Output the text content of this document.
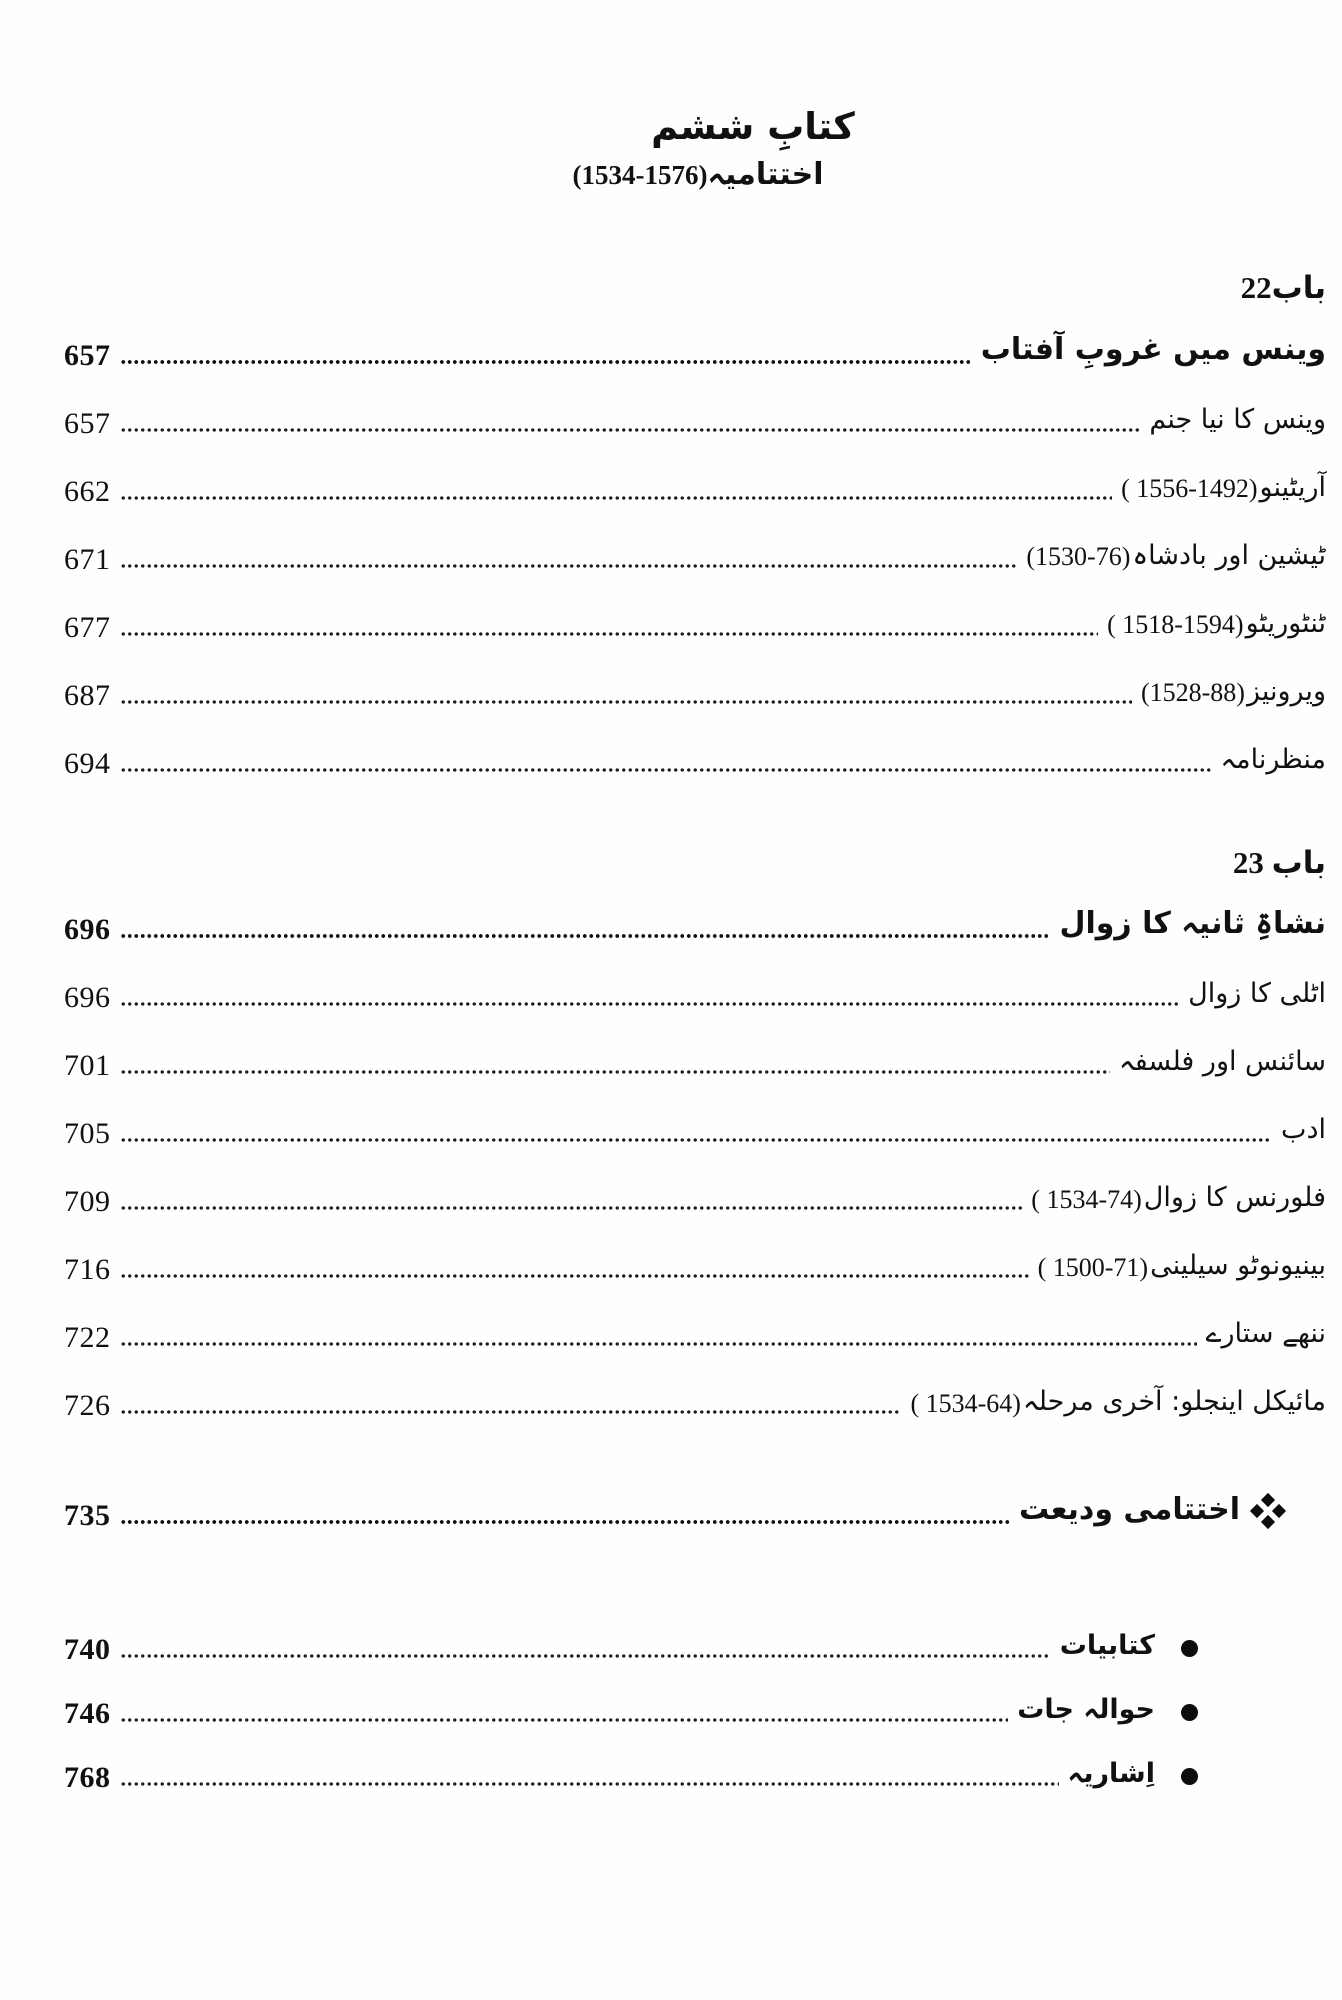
کتابِ ششم
اختتامیہ(1534-1576)
باب22
وینس میں غروبِ آفتاب
657
وینس کا نیا جنم
657
آریٹینو
( 1556-1492)
662
ٹیشین اور بادشاہ
(1530-76)
671
ٹنٹوریٹو
( 1518-1594)
677
ویرونیز
(1528-88)
687
منظرنامہ
694
باب 23
نشاۃِ ثانیہ کا زوال
696
اٹلی کا زوال
696
سائنس اور فلسفہ
701
ادب
705
فلورنس کا زوال
( 1534-74)
709
بینیونوٹو سیلینی
( 1500-71)
716
ننھے ستارے
722
مائیکل اینجلو: آخری مرحلہ
( 1534-64)
726
اختتامی ودیعت
735
کتابیات
740
حوالہ جات
746
اِشاریہ
768
